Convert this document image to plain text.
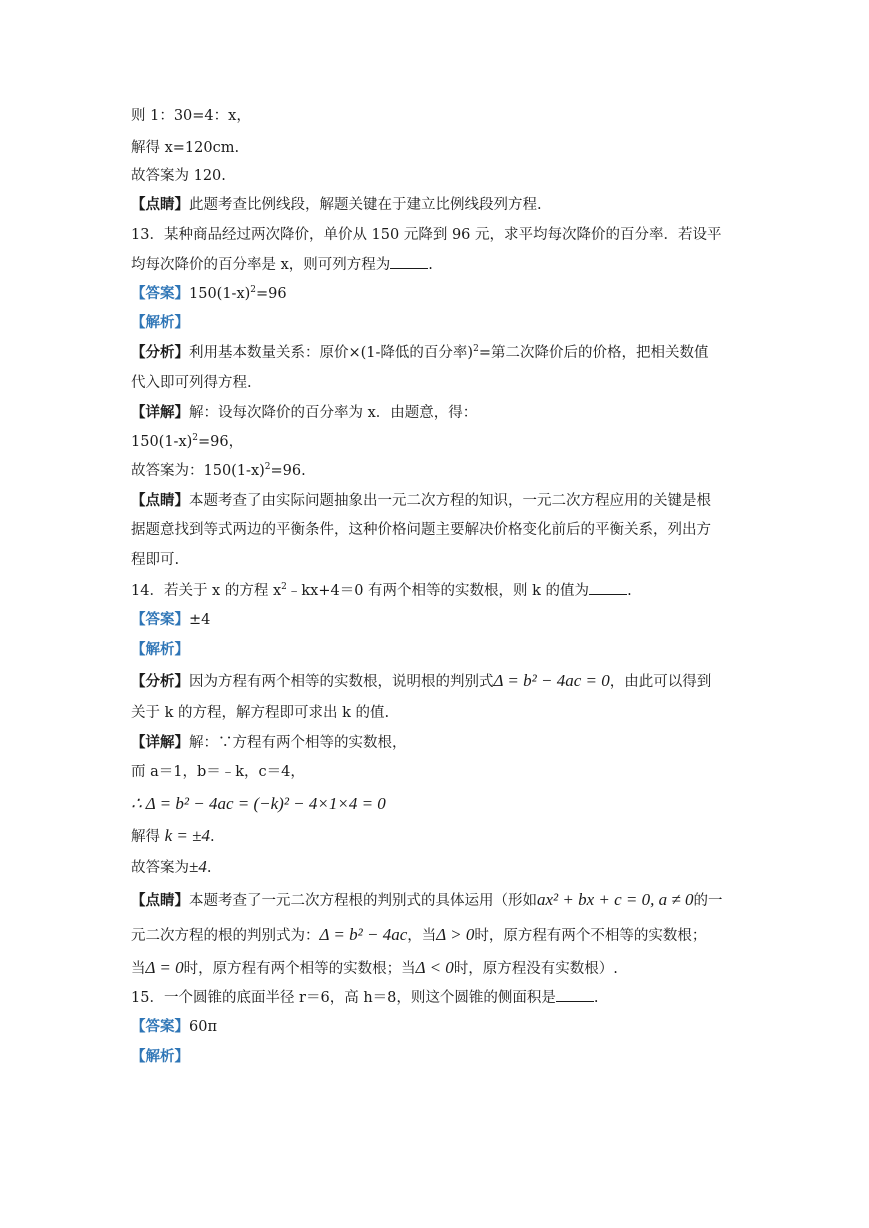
则 1：30=4：x，
解得 x=120cm.
故答案为 120.
【点睛】此题考查比例线段，解题关键在于建立比例线段列方程.
13．某种商品经过两次降价，单价从 150 元降到 96 元，求平均每次降价的百分率．若设平
均每次降价的百分率是 x，则可列方程为	.
【答案】$150(1-x)^2=96$
【解析】
【分析】利用基本数量关系：原价×(1-降低的百分率)$^2$=第二次降价后的价格，把相关数值
代入即可列得方程.
【详解】解：设每次降价的百分率为 x．由题意，得：
$150(1-x)^2=96$，
故答案为：$150(1-x)^2=96$.
【点睛】本题考查了由实际问题抽象出一元二次方程的知识，一元二次方程应用的关键是根
据题意找到等式两边的平衡条件，这种价格问题主要解决价格变化前后的平衡关系，列出方
程即可.
14．若关于 x 的方程 $x^2﹣kx+4=0$ 有两个相等的实数根，则 k 的值为	.
【答案】±4
【解析】
【分析】因为方程有两个相等的实数根，说明根的判别式Δ = b² − 4ac = 0，由此可以得到
关于 k 的方程，解方程即可求出 k 的值.
【详解】解：∵方程有两个相等的实数根，
而 a＝1，b＝﹣k，c＝4，
∴ Δ = b² − 4ac = (−k)² − 4×1×4 = 0
解得 k = ±4.
故答案为±4.
【点睛】本题考查了一元二次方程根的判别式的具体运用（形如ax² + bx + c = 0, a ≠ 0的一
元二次方程的根的判别式为：Δ = b² − 4ac，当Δ > 0时，原方程有两个不相等的实数根；
当Δ = 0时，原方程有两个相等的实数根；当Δ < 0时，原方程没有实数根）.
15．一个圆锥的底面半径 r＝6，高 h＝8，则这个圆锥的侧面积是	.
【答案】60π
【解析】
